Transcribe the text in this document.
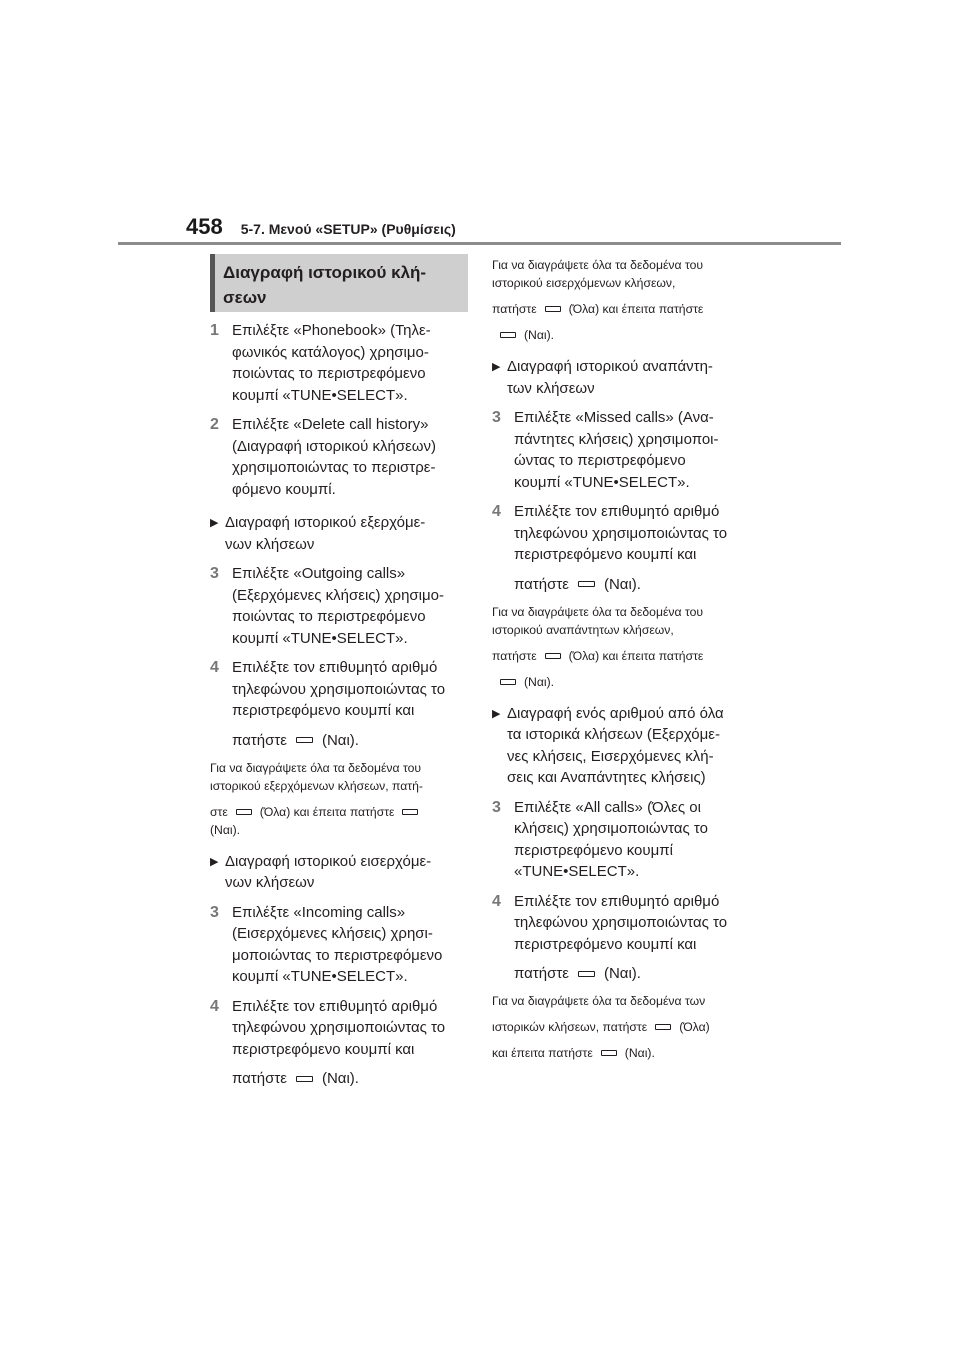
458 5-7. Μενού «SETUP» (Ρυθμίσεις)
Διαγραφή ιστορικού κλή-
σεων
1 Επιλέξτε «Phonebook» (Τηλε-
φωνικός κατάλογος) χρησιμο-
ποιώντας το περιστρεφόμενο
κουμπί «TUNE•SELECT».
2 Επιλέξτε «Delete call history»
(Διαγραφή ιστορικού κλήσεων)
χρησιμοποιώντας το περιστρε-
φόμενο κουμπί.
▶ Διαγραφή ιστορικού εξερχόμε-
νων κλήσεων
3 Επιλέξτε «Outgoing calls»
(Εξερχόμενες κλήσεις) χρησιμο-
ποιώντας το περιστρεφόμενο
κουμπί «TUNE•SELECT».
4 Επιλέξτε τον επιθυμητό αριθμό
τηλεφώνου χρησιμοποιώντας το
περιστρεφόμενο κουμπί και
πατήστε (Ναι).
Για να διαγράψετε όλα τα δεδομένα του
ιστορικού εξερχόμενων κλήσεων, πατή-
στε	(Όλα) και έπειτα πατήστε
(Ναι).
▶ Διαγραφή ιστορικού εισερχόμε-
νων κλήσεων
3 Επιλέξτε «Incoming calls»
(Εισερχόμενες κλήσεις) χρησι-
μοποιώντας το περιστρεφόμενο
κουμπί «TUNE•SELECT».
4 Επιλέξτε τον επιθυμητό αριθμό
τηλεφώνου χρησιμοποιώντας το
περιστρεφόμενο κουμπί και
πατήστε (Ναι).
Για να διαγράψετε όλα τα δεδομένα του
ιστορικού εισερχόμενων κλήσεων,
πατήστε	(Όλα) και έπειτα πατήστε
(Ναι).
▶ Διαγραφή ιστορικού αναπάντη-
των κλήσεων
3 Επιλέξτε «Missed calls» (Ανα-
πάντητες κλήσεις) χρησιμοποι-
ώντας το περιστρεφόμενο
κουμπί «TUNE•SELECT».
4 Επιλέξτε τον επιθυμητό αριθμό
τηλεφώνου χρησιμοποιώντας το
περιστρεφόμενο κουμπί και
πατήστε (Ναι).
Για να διαγράψετε όλα τα δεδομένα του
ιστορικού αναπάντητων κλήσεων,
πατήστε	(Όλα) και έπειτα πατήστε
(Ναι).
▶ Διαγραφή ενός αριθμού από όλα
τα ιστορικά κλήσεων (Εξερχόμε-
νες κλήσεις, Εισερχόμενες κλή-
σεις και Αναπάντητες κλήσεις)
3 Επιλέξτε «All calls» (Όλες οι
κλήσεις) χρησιμοποιώντας το
περιστρεφόμενο κουμπί
«TUNE•SELECT».
4 Επιλέξτε τον επιθυμητό αριθμό
τηλεφώνου χρησιμοποιώντας το
περιστρεφόμενο κουμπί και
πατήστε (Ναι).
Για να διαγράψετε όλα τα δεδομένα των
ιστορικών κλήσεων, πατήστε	(Όλα)
και έπειτα πατήστε	(Ναι).
